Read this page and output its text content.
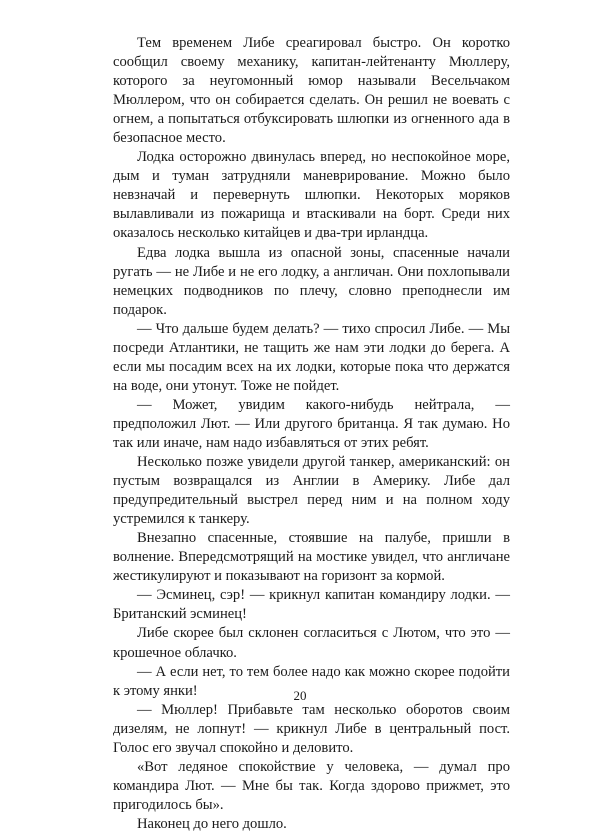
Тем временем Либе среагировал быстро. Он коротко сообщил своему механику, капитан-лейтенанту Мюллеру, которого за неугомонный юмор называли Весельчаком Мюллером, что он собирается сделать. Он решил не воевать с огнем, а попытаться отбуксировать шлюпки из огненного ада в безопасное место.

Лодка осторожно двинулась вперед, но неспокойное море, дым и туман затрудняли маневрирование. Можно было невзначай и перевернуть шлюпки. Некоторых моряков вылавливали из пожарища и втаскивали на борт. Среди них оказалось несколько китайцев и два-три ирландца.

Едва лодка вышла из опасной зоны, спасенные начали ругать — не Либе и не его лодку, а англичан. Они похлопывали немецких подводников по плечу, словно преподнесли им подарок.

— Что дальше будем делать? — тихо спросил Либе. — Мы посреди Атлантики, не тащить же нам эти лодки до берега. А если мы посадим всех на их лодки, которые пока что держатся на воде, они утонут. Тоже не пойдет.

— Может, увидим какого-нибудь нейтрала, — предположил Лют. — Или другого британца. Я так думаю. Но так или иначе, нам надо избавляться от этих ребят.

Несколько позже увидели другой танкер, американский: он пустым возвращался из Англии в Америку. Либе дал предупредительный выстрел перед ним и на полном ходу устремился к танкеру.

Внезапно спасенные, стоявшие на палубе, пришли в волнение. Впередсмотрящий на мостике увидел, что англичане жестикулируют и показывают на горизонт за кормой.

— Эсминец, сэр! — крикнул капитан командиру лодки. — Британский эсминец!

Либе скорее был склонен согласиться с Лютом, что это — крошечное облачко.

— А если нет, то тем более надо как можно скорее подойти к этому янки!

— Мюллер! Прибавьте там несколько оборотов своим дизелям, не лопнут! — крикнул Либе в центральный пост. Голос его звучал спокойно и деловито.

«Вот ледяное спокойствие у человека, — думал про командира Лют. — Мне бы так. Когда здорово прижмет, это пригодилось бы».

Наконец до него дошло.

20
